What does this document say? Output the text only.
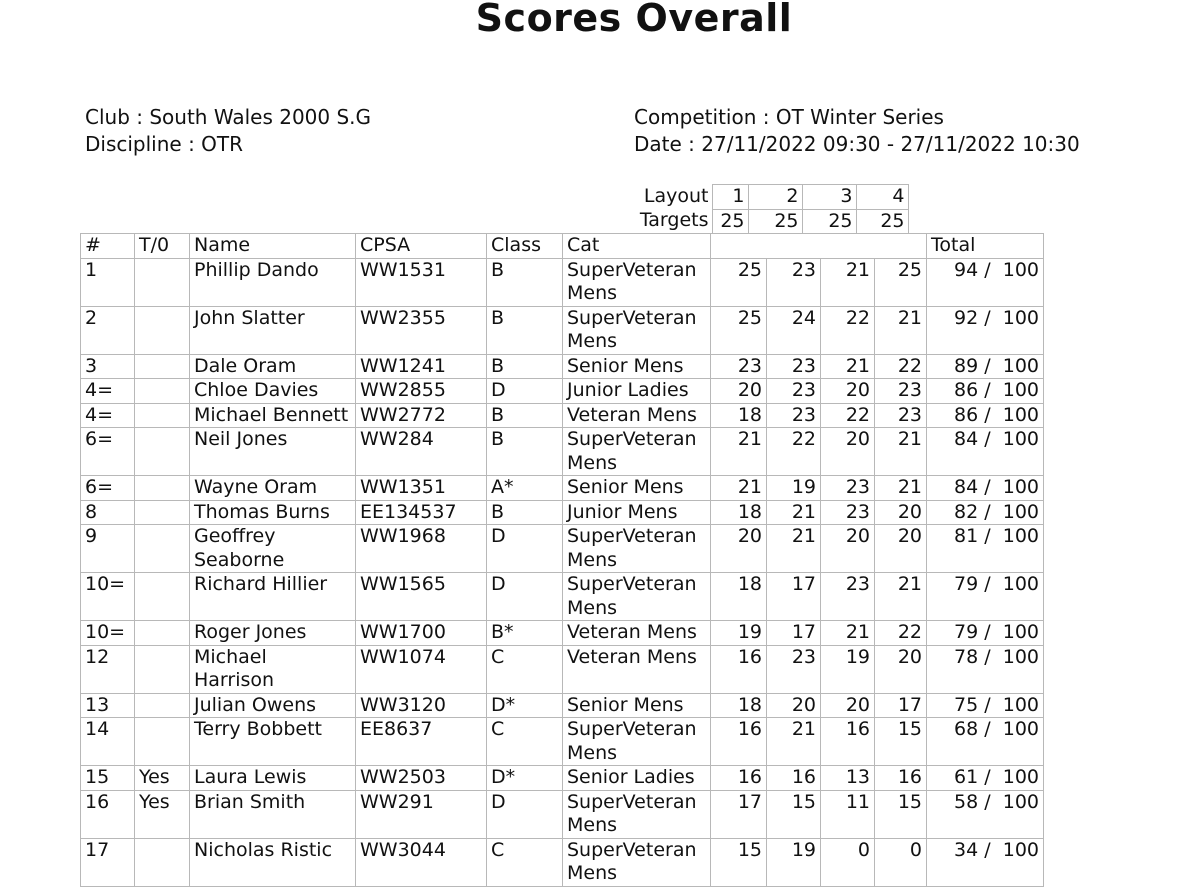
Scores Overall
Club : South Wales 2000 S.G
Discipline : OTR
Competition : OT Winter Series
Date : 27/11/2022 09:30 - 27/11/2022 10:30
Layout	1	2	3	4
Targets	25	25	25	25
#	T/0	Name	CPSA	Class	Cat					Total
1		Phillip Dando	WW1531	B	SuperVeteran Mens	25	23	21	25	94 /  100
2		John Slatter	WW2355	B	SuperVeteran Mens	25	24	22	21	92 /  100
3		Dale Oram	WW1241	B	Senior Mens	23	23	21	22	89 /  100
4=		Chloe Davies	WW2855	D	Junior Ladies	20	23	20	23	86 /  100
4=		Michael Bennett	WW2772	B	Veteran Mens	18	23	22	23	86 /  100
6=		Neil Jones	WW284	B	SuperVeteran Mens	21	22	20	21	84 /  100
6=		Wayne Oram	WW1351	A*	Senior Mens	21	19	23	21	84 /  100
8		Thomas Burns	EE134537	B	Junior Mens	18	21	23	20	82 /  100
9		Geoffrey Seaborne	WW1968	D	SuperVeteran Mens	20	21	20	20	81 /  100
10=		Richard Hillier	WW1565	D	SuperVeteran Mens	18	17	23	21	79 /  100
10=		Roger Jones	WW1700	B*	Veteran Mens	19	17	21	22	79 /  100
12		Michael Harrison	WW1074	C	Veteran Mens	16	23	19	20	78 /  100
13		Julian Owens	WW3120	D*	Senior Mens	18	20	20	17	75 /  100
14		Terry Bobbett	EE8637	C	SuperVeteran Mens	16	21	16	15	68 /  100
15	Yes	Laura Lewis	WW2503	D*	Senior Ladies	16	16	13	16	61 /  100
16	Yes	Brian Smith	WW291	D	SuperVeteran Mens	17	15	11	15	58 /  100
17		Nicholas Ristic	WW3044	C	SuperVeteran Mens	15	19	0	0	34 /  100
